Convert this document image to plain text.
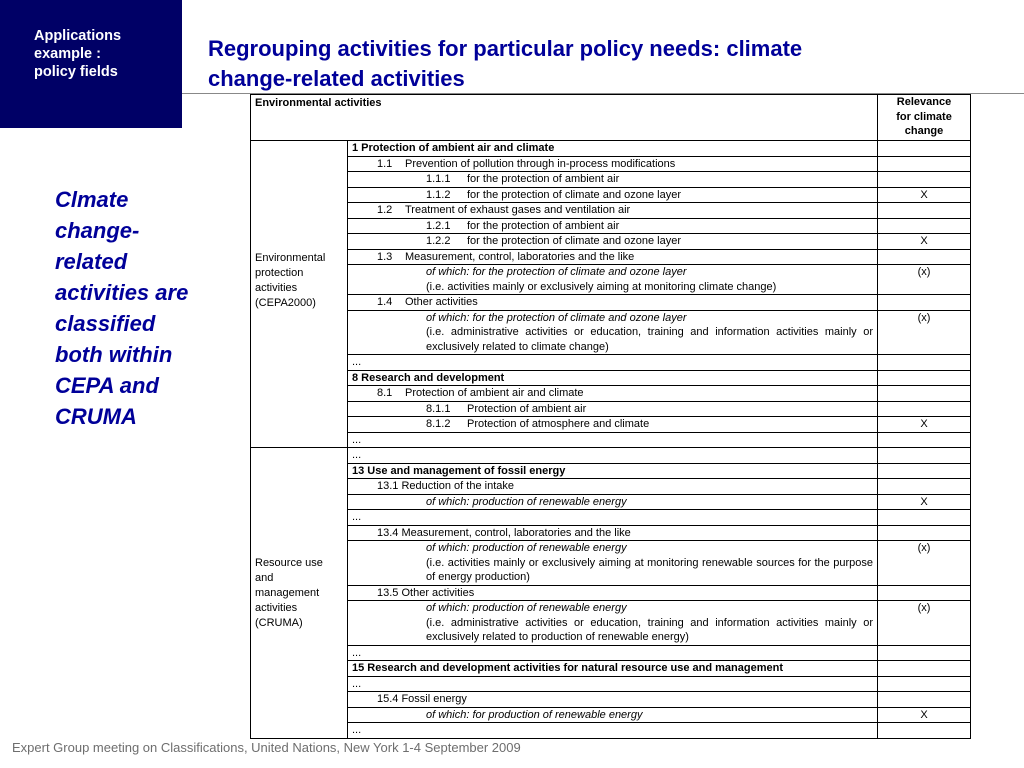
Applications
example :
policy fields
Regrouping activities for particular policy needs: climate
change-related activities
Clmate
change-
related
activities are
classified
both within
CEPA and
CRUMA
Environmental activities		Relevance
for climate
change

Environmental
protection
activities
(CEPA2000)	1 Protection of ambient air and climate	

	1.1 Prevention of pollution through in-process modifications	

	1.1.1 for the protection of ambient air	

	1.1.2 for the protection of climate and ozone layer	X

	1.2 Treatment of exhaust gases and ventilation air	

	1.2.1 for the protection of ambient air	

	1.2.2 for the protection of climate and ozone layer	X

	1.3 Measurement, control, laboratories and the like	

	of which: for the protection of climate and ozone layer
(i.e. activities mainly or exclusively aiming at monitoring climate change)	(x)

	1.4 Other activities	

	of which: for the protection of climate and ozone layer
(i.e. administrative activities or education, training and information activities mainly or exclusively related to climate change)	(x)
	...	
	8 Research and development	

	8.1 Protection of ambient air and climate	

	8.1.1 Protection of ambient air	

	8.1.2 Protection of atmosphere and climate	X
	...	

Resource use
and
management
activities
(CRUMA)	...	
	13 Use and management of fossil energy	

	13.1 Reduction of the intake	

	of which: production of renewable energy	X
	...	

	13.4 Measurement, control, laboratories and the like	

	of which: production of renewable energy
(i.e. activities mainly or exclusively aiming at monitoring renewable sources for the purpose of energy production)	(x)

	13.5 Other activities	

	of which: production of renewable energy
(i.e. administrative activities or education, training and information activities mainly or exclusively related to production of renewable energy)	(x)
	...	
	15 Research and development activities for natural resource use and management	
	...	

	15.4 Fossil energy	

	of which: for production of renewable energy	X
	...	
Expert Group meeting on Classifications, United Nations, New York 1-4 September 2009
